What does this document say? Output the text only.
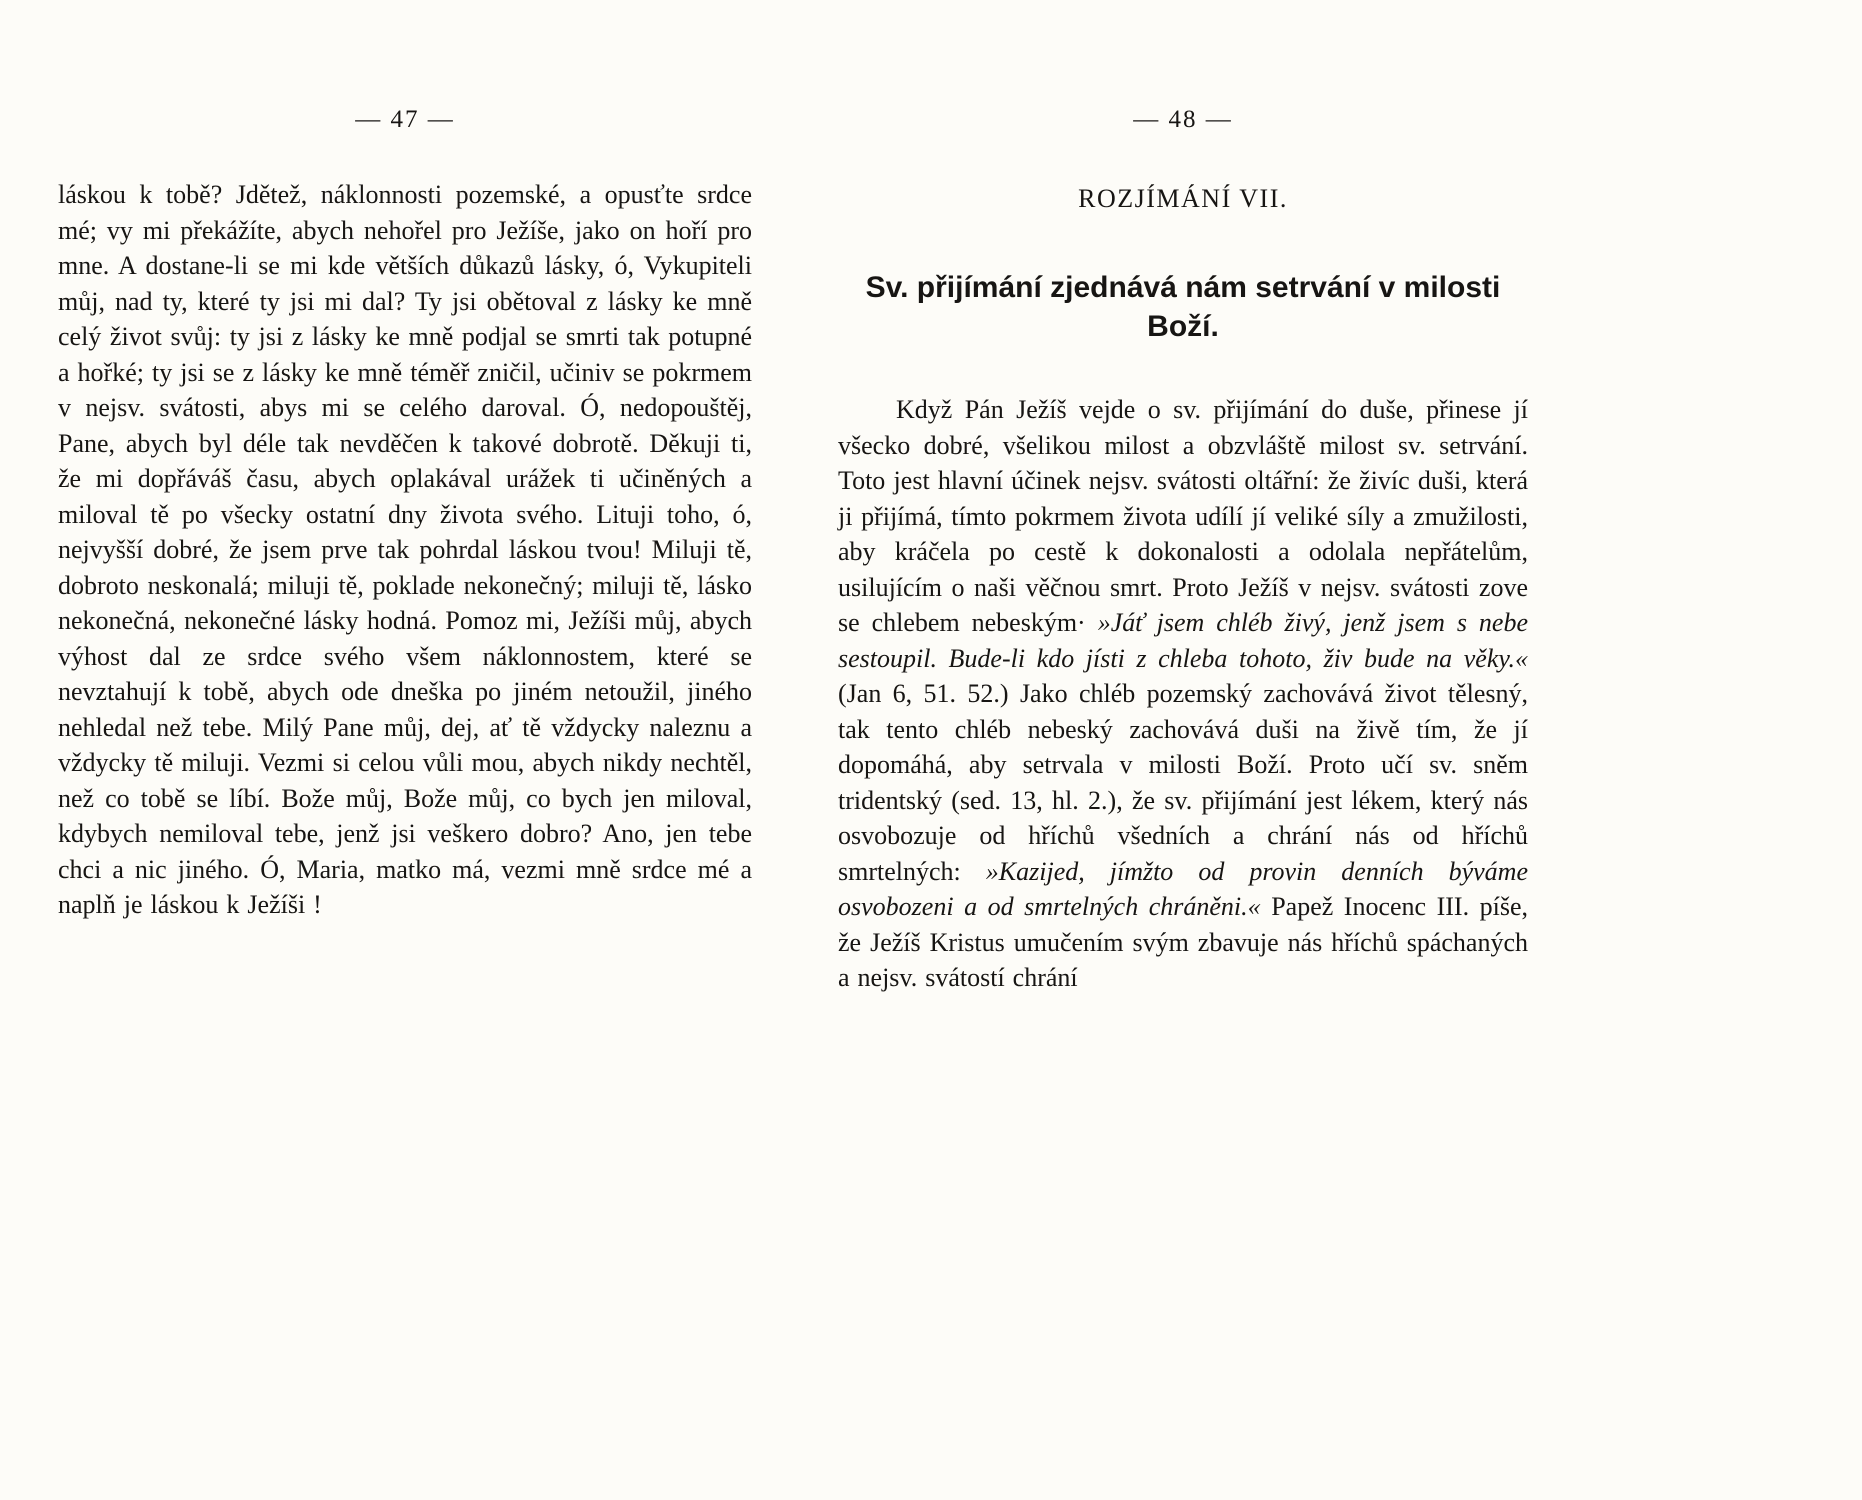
— 47 —

láskou k tobě? Jdětež, náklonnosti pozemské, a opusťte srdce mé; vy mi překážíte, abych nehořel pro Ježíše, jako on hoří pro mne. A dostane-li se mi kde větších důkazů lásky, ó, Vykupiteli můj, nad ty, které ty jsi mi dal? Ty jsi obětoval z lásky ke mně celý život svůj: ty jsi z lásky ke mně podjal se smrti tak potupné a hořké; ty jsi se z lásky ke mně téměř zničil, učiniv se pokrmem v nejsv. svátosti, abys mi se celého daroval. Ó, nedopouštěj, Pane, abych byl déle tak nevděčen k takové dobrotě. Děkuji ti, že mi dopřáváš času, abych oplakával urážek ti učiněných a miloval tě po všecky ostatní dny života svého. Lituji toho, ó, nejvyšší dobré, že jsem prve tak pohrdal láskou tvou! Miluji tě, dobroto neskonalá; miluji tě, poklade nekonečný; miluji tě, lásko nekonečná, nekonečné lásky hodná. Pomoz mi, Ježíši můj, abych výhost dal ze srdce svého všem náklonnostem, které se nevztahují k tobě, abych ode dneška po jiném netoužil, jiného nehledal než tebe. Milý Pane můj, dej, ať tě vždycky naleznu a vždycky tě miluji. Vezmi si celou vůli mou, abych nikdy nechtěl, než co tobě se líbí. Bože můj, Bože můj, co bych jen miloval, kdybych nemiloval tebe, jenž jsi veškero dobro? Ano, jen tebe chci a nic jiného. Ó, Maria, matko má, vezmi mně srdce mé a naplň je láskou k Ježíši !

— 48 —
ROZJÍMÁNÍ VII.
Sv. přijímání zjednává nám setrvání v milosti Boží.

Když Pán Ježíš vejde o sv. přijímání do duše, přinese jí všecko dobré, všelikou milost a obzvláště milost sv. setrvání. Toto jest hlavní účinek nejsv. svátosti oltářní: že živíc duši, která ji přijímá, tímto pokrmem života udílí jí veliké síly a zmužilosti, aby kráčela po cestě k dokonalosti a odolala nepřátelům, usilujícím o naši věčnou smrt. Proto Ježíš v nejsv. svátosti zove se chlebem nebeským· »Jáť jsem chléb živý, jenž jsem s nebe sestoupil. Bude-li kdo jísti z chleba tohoto, živ bude na věky.« (Jan 6, 51. 52.) Jako chléb pozemský zachovává život tělesný, tak tento chléb nebeský zachovává duši na živě tím, že jí dopomáhá, aby setrvala v milosti Boží. Proto učí sv. sněm tridentský (sed. 13, hl. 2.), že sv. přijímání jest lékem, který nás osvobozuje od hříchů všedních a chrání nás od hříchů smrtelných: »Kazijed, jímžto od provin denních býváme osvobozeni a od smrtelných chráněni.« Papež Inocenc III. píše, že Ježíš Kristus umučením svým zbavuje nás hříchů spáchaných a nejsv. svátostí chrání
